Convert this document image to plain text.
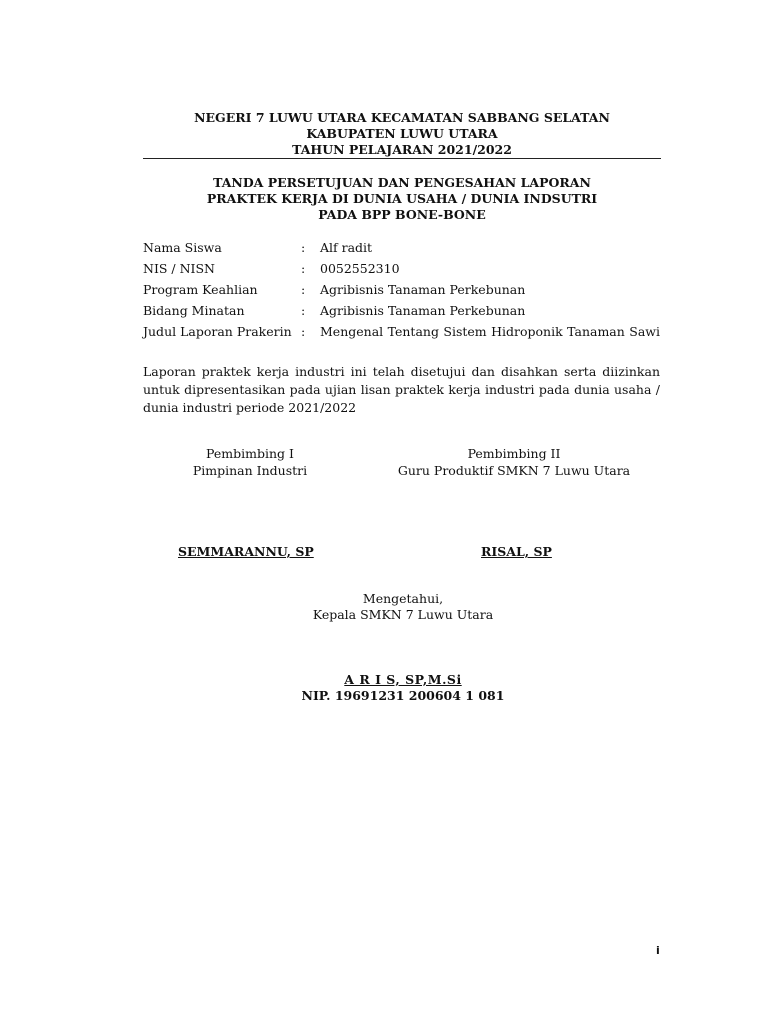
NEGERI 7 LUWU UTARA KECAMATAN SABBANG SELATAN
KABUPATEN LUWU UTARA
TAHUN PELAJARAN 2021/2022
TANDA PERSETUJUAN DAN PENGESAHAN LAPORAN
PRAKTEK KERJA DI DUNIA USAHA / DUNIA INDSUTRI
PADA BPP BONE-BONE
Nama Siswa	: Alf radit
NIS / NISN	: 0052552310
Program Keahlian	: Agribisnis Tanaman Perkebunan
Bidang Minatan	: Agribisnis Tanaman Perkebunan
Judul Laporan Prakerin : Mengenal Tentang Sistem Hidroponik Tanaman Sawi
Laporan praktek kerja industri ini telah disetujui dan disahkan serta diizinkan untuk dipresentasikan pada ujian lisan praktek kerja industri pada dunia usaha / dunia industri periode 2021/2022
Pembimbing I
Pimpinan Industri
Pembimbing II
Guru Produktif SMKN 7 Luwu Utara
SEMMARANNU, SP	RISAL, SP
Mengetahui,
Kepala SMKN 7 Luwu Utara
A R I S, SP,M.Si
NIP. 19691231 200604 1 081
i
